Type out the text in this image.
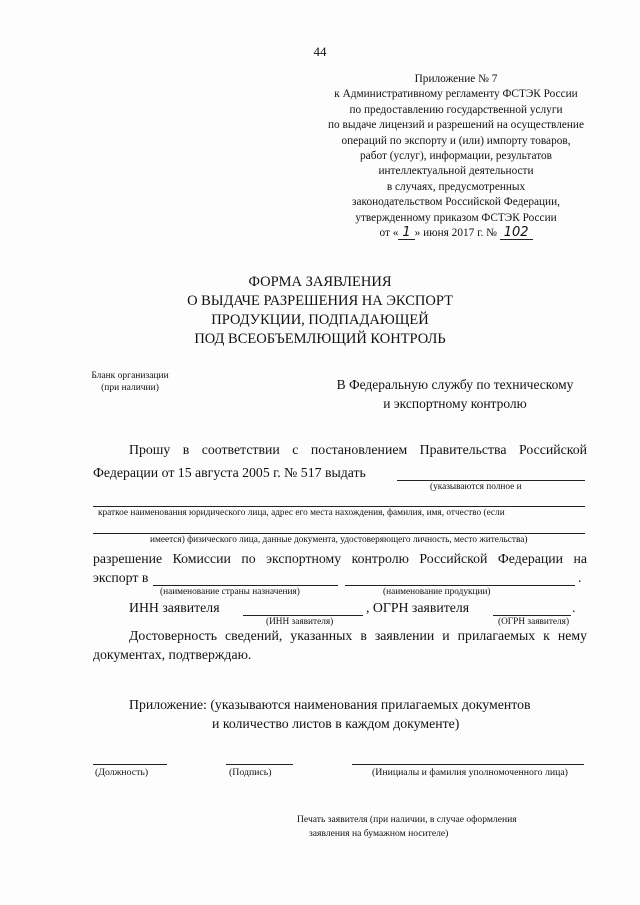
44
Приложение № 7
к Административному регламенту ФСТЭК России
по предоставлению государственной услуги
по выдаче лицензий и разрешений на осуществление
операций по экспорту и (или) импорту товаров,
работ (услуг), информации, результатов
интеллектуальной деятельности
в случаях, предусмотренных
законодательством Российской Федерации,
утвержденному приказом ФСТЭК России
от « 1 » июня 2017 г. № 102
ФОРМА ЗАЯВЛЕНИЯ
О ВЫДАЧЕ РАЗРЕШЕНИЯ НА ЭКСПОРТ
ПРОДУКЦИИ, ПОДПАДАЮЩЕЙ
ПОД ВСЕОБЪЕМЛЮЩИЙ КОНТРОЛЬ
Бланк организации
(при наличии)	В Федеральную службу по техническому
и экспортному контролю
Прошу в соответствии с постановлением Правительства Российской
Федерации от 15 августа 2005 г. № 517 выдать
(указываются полное и
краткое наименования юридического лица, адрес его места нахождения, фамилия, имя, отчество (если
имеется) физического лица, данные документа, удостоверяющего личность, место жительства)
разрешение Комиссии по экспортному контролю Российской Федерации на
экспорт в	.
(наименование страны назначения)	(наименование продукции)
ИНН заявителя	, ОГРН заявителя	.
(ИНН заявителя)	(ОГРН заявителя)
Достоверность сведений, указанных в заявлении и прилагаемых к нему
документах, подтверждаю.
Приложение: (указываются наименования прилагаемых документов
и количество листов в каждом документе)
(Должность)	(Подпись)	(Инициалы и фамилия уполномоченного лица)
Печать заявителя (при наличии, в случае оформления
заявления на бумажном носителе)
